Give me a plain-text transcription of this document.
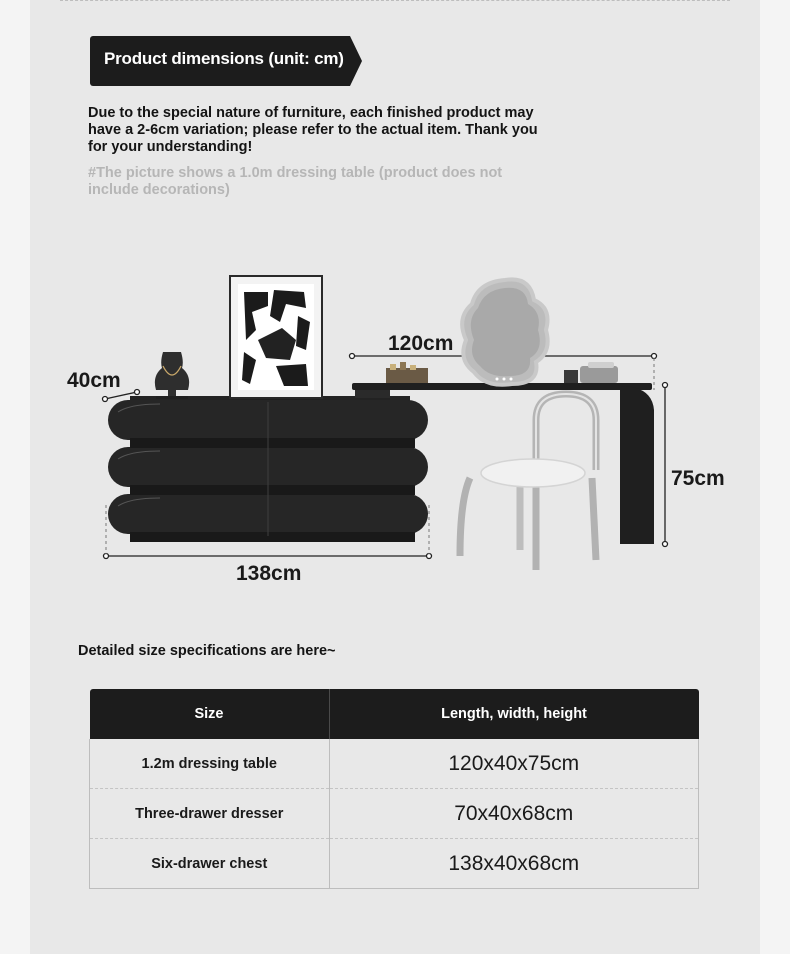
Product dimensions (unit: cm)
Due to the special nature of furniture, each finished product may have a 2-6cm variation; please refer to the actual item. Thank you for your understanding!
#The picture shows a 1.0m dressing table (product does not include decorations)
40cm
120cm
75cm
138cm
Detailed size specifications are here~
Size	Length, width, height
1.2m dressing table	120x40x75cm
Three-drawer dresser	70x40x68cm
Six-drawer chest	138x40x68cm
